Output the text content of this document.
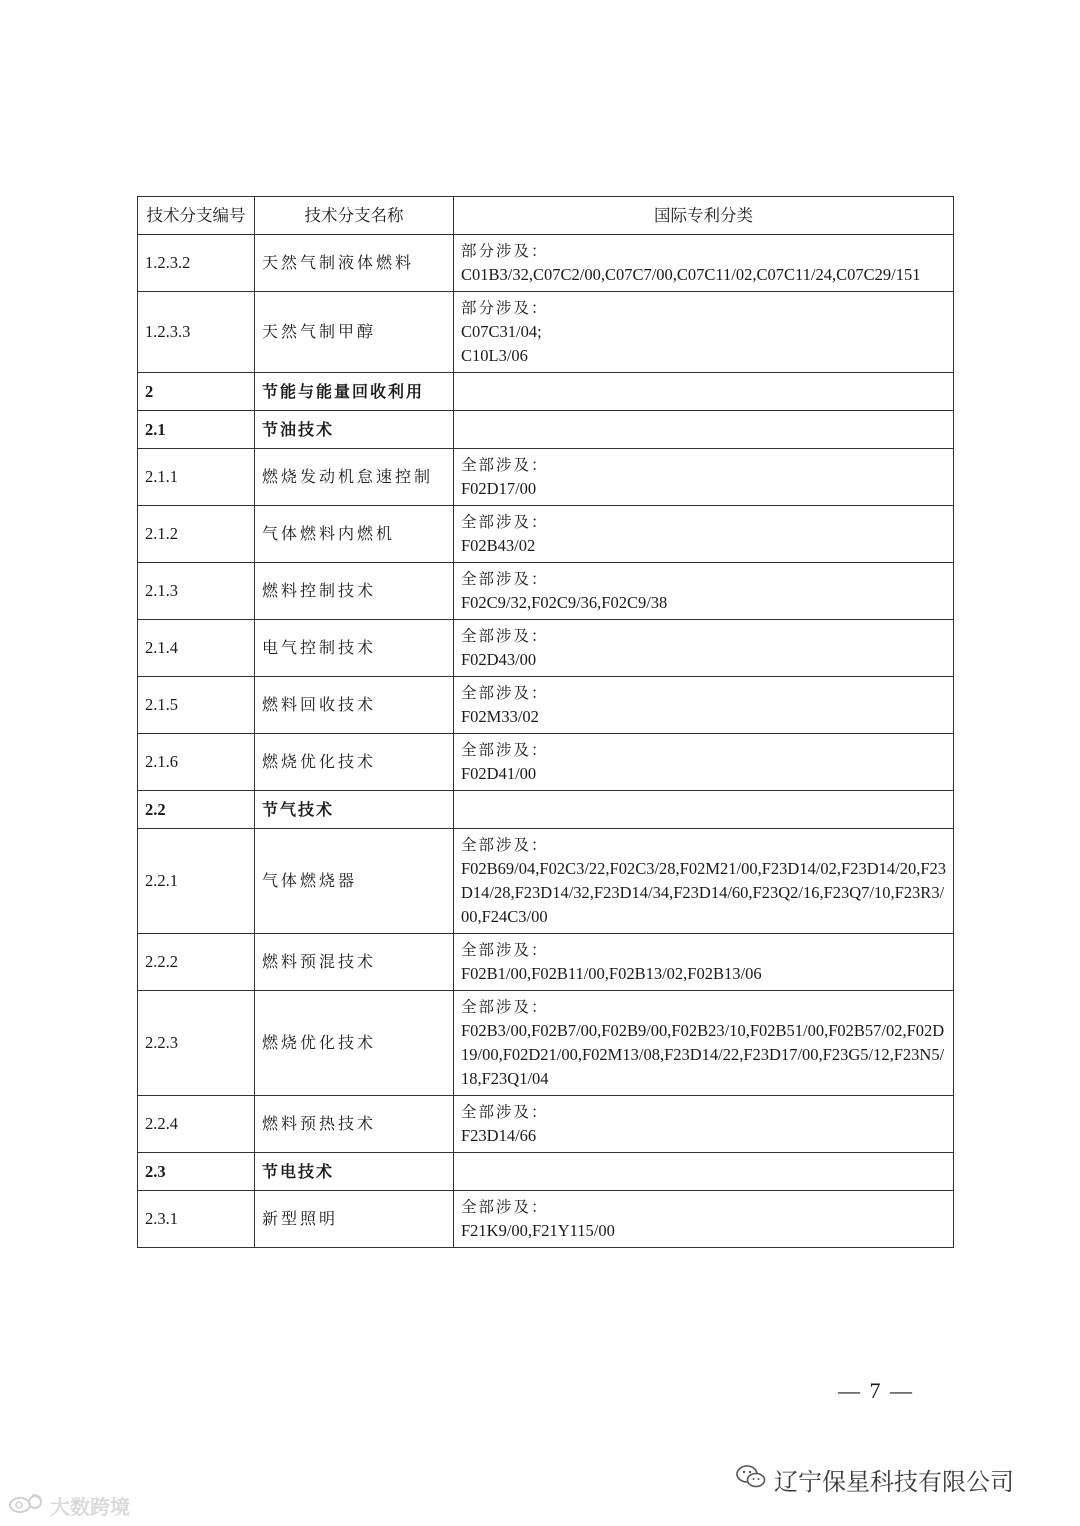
技术分支编号	技术分支名称	国际专利分类
1.2.3.2	天然气制液体燃料	部分涉及：
C01B3/32,C07C2/00,C07C7/00,C07C11/02,C07C11/24,C07C29/151

1.2.3.3	天然气制甲醇	部分涉及：
C07C31/04;
C10L3/06

2	节能与能量回收利用	
2.1	节油技术	
2.1.1	燃烧发动机怠速控制	全部涉及：
F02D17/00

2.1.2	气体燃料内燃机	全部涉及：
F02B43/02

2.1.3	燃料控制技术	全部涉及：
F02C9/32,F02C9/36,F02C9/38

2.1.4	电气控制技术	全部涉及：
F02D43/00

2.1.5	燃料回收技术	全部涉及：
F02M33/02

2.1.6	燃烧优化技术	全部涉及：
F02D41/00

2.2	节气技术	
2.2.1	气体燃烧器	全部涉及：
F02B69/04,F02C3/22,F02C3/28,F02M21/00,F23D14/02,F23D14/20,F23D14/28,F23D14/32,F23D14/34,F23D14/60,F23Q2/16,F23Q7/10,F23R3/00,F24C3/00

2.2.2	燃料预混技术	全部涉及：
F02B1/00,F02B11/00,F02B13/02,F02B13/06

2.2.3	燃烧优化技术	全部涉及：
F02B3/00,F02B7/00,F02B9/00,F02B23/10,F02B51/00,F02B57/02,F02D19/00,F02D21/00,F02M13/08,F23D14/22,F23D17/00,F23G5/12,F23N5/18,F23Q1/04

2.2.4	燃料预热技术	全部涉及：
F23D14/66

2.3	节电技术	
2.3.1	新型照明	全部涉及：
F21K9/00,F21Y115/00
— 7 —
辽宁保星科技有限公司
大数跨境
